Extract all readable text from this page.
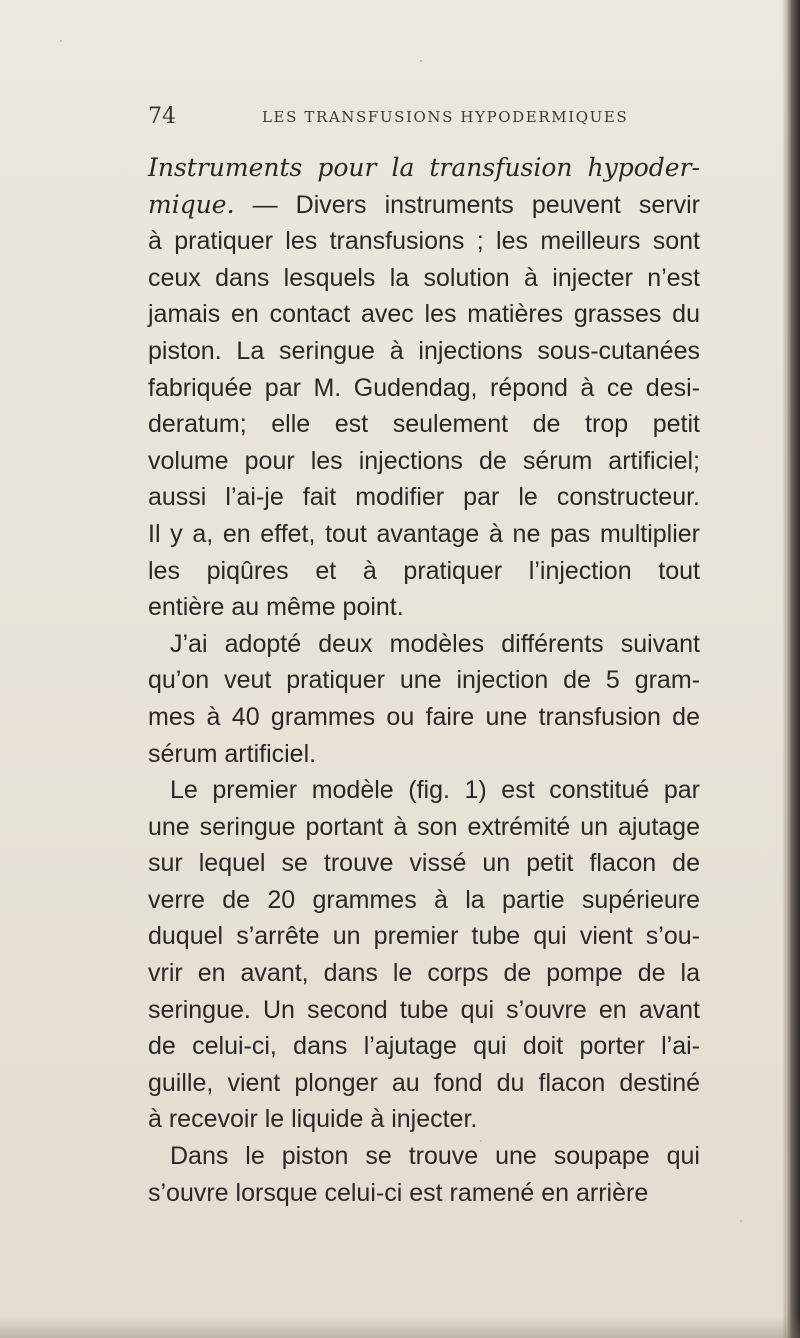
74	LES TRANSFUSIONS HYPODERMIQUES
Instruments pour la transfusion hypoder-
mique. — Divers instruments peuvent servir
à pratiquer les transfusions ; les meilleurs sont
ceux dans lesquels la solution à injecter n’est
jamais en contact avec les matières grasses du
piston. La seringue à injections sous-cutanées
fabriquée par M. Gudendag, répond à ce desi-
deratum; elle est seulement de trop petit
volume pour les injections de sérum artificiel;
aussi l’ai-je fait modifier par le constructeur.
Il y a, en effet, tout avantage à ne pas multiplier
les piqûres et à pratiquer l’injection tout
entière au même point.
J’ai adopté deux modèles différents suivant
qu’on veut pratiquer une injection de 5 gram-
mes à 40 grammes ou faire une transfusion de
sérum artificiel.
Le premier modèle (fig. 1) est constitué par
une seringue portant à son extrémité un ajutage
sur lequel se trouve vissé un petit flacon de
verre de 20 grammes à la partie supérieure
duquel s’arrête un premier tube qui vient s’ou-
vrir en avant, dans le corps de pompe de la
seringue. Un second tube qui s’ouvre en avant
de celui-ci, dans l’ajutage qui doit porter l’ai-
guille, vient plonger au fond du flacon destiné
à recevoir le liquide à injecter.
Dans le piston se trouve une soupape qui
s’ouvre lorsque celui-ci est ramené en arrière
